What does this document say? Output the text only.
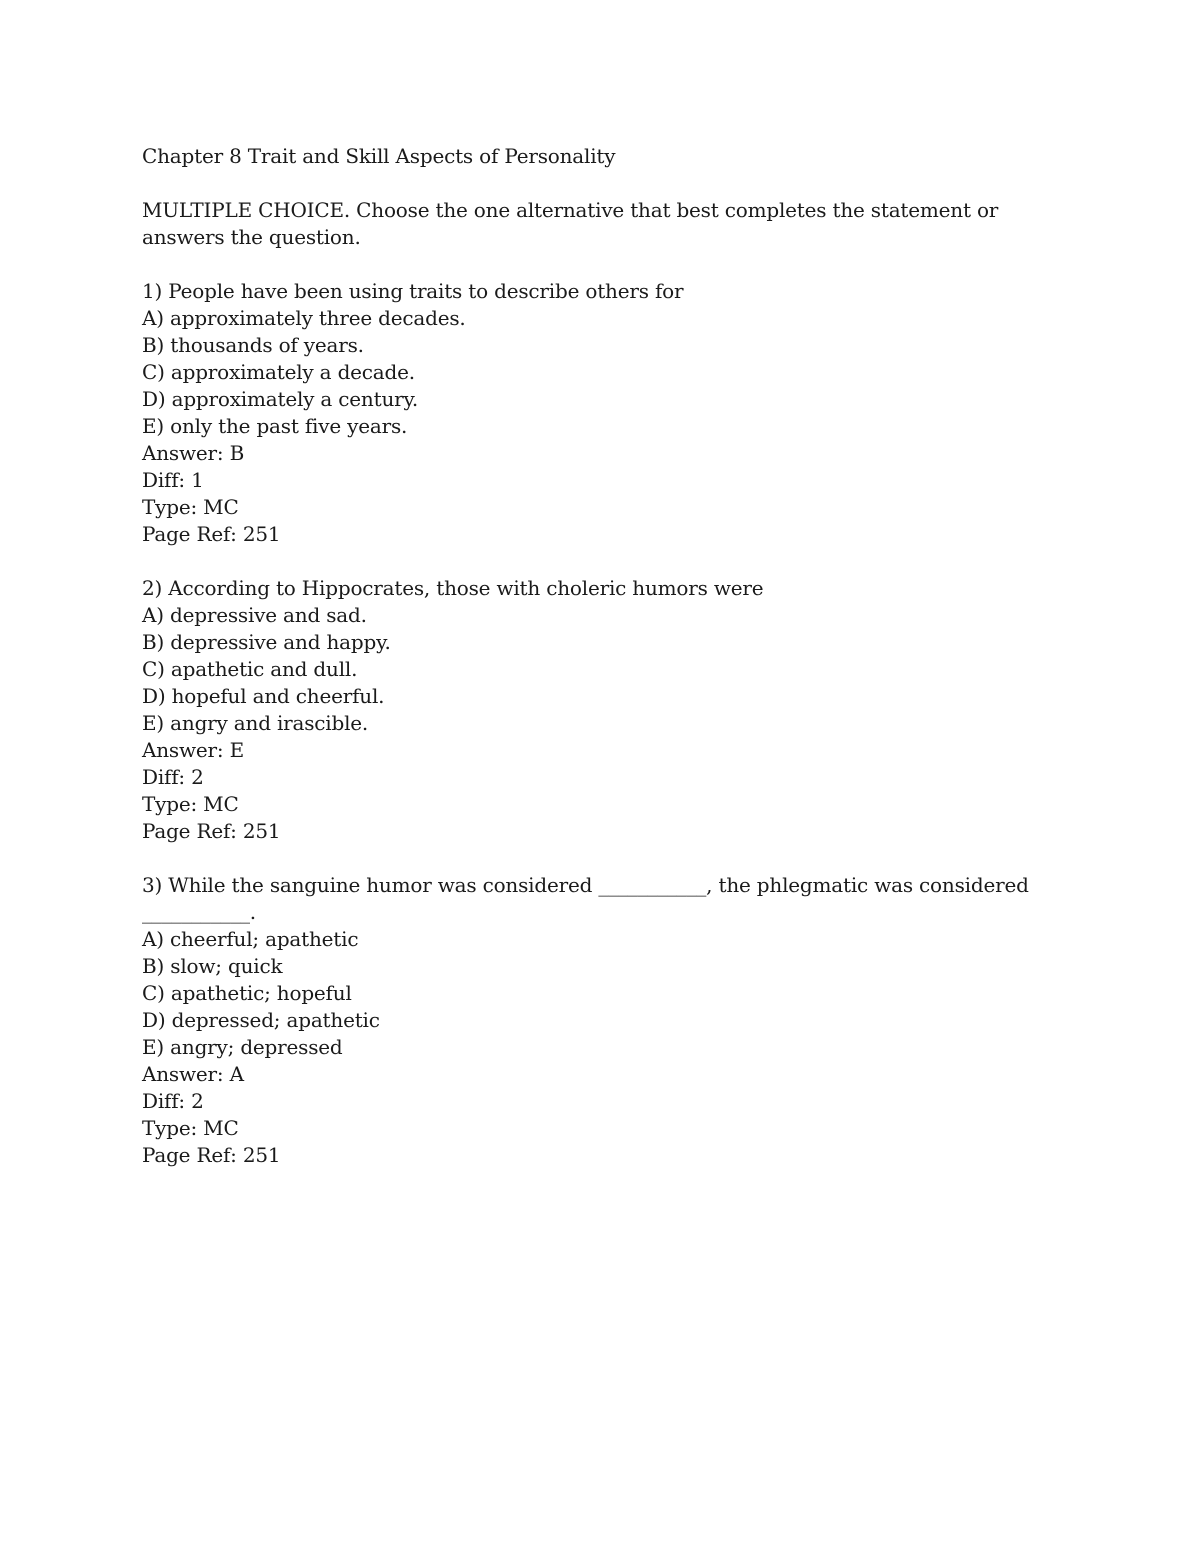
Chapter 8 Trait and Skill Aspects of Personality
MULTIPLE CHOICE. Choose the one alternative that best completes the statement or answers the question.
1) People have been using traits to describe others for
A) approximately three decades.
B) thousands of years.
C) approximately a decade.
D) approximately a century.
E) only the past five years.
Answer: B
Diff: 1
Type: MC
Page Ref: 251
2) According to Hippocrates, those with choleric humors were
A) depressive and sad.
B) depressive and happy.
C) apathetic and dull.
D) hopeful and cheerful.
E) angry and irascible.
Answer: E
Diff: 2
Type: MC
Page Ref: 251
3) While the sanguine humor was considered ___________, the phlegmatic was considered ___________.
A) cheerful; apathetic
B) slow; quick
C) apathetic; hopeful
D) depressed; apathetic
E) angry; depressed
Answer: A
Diff: 2
Type: MC
Page Ref: 251
